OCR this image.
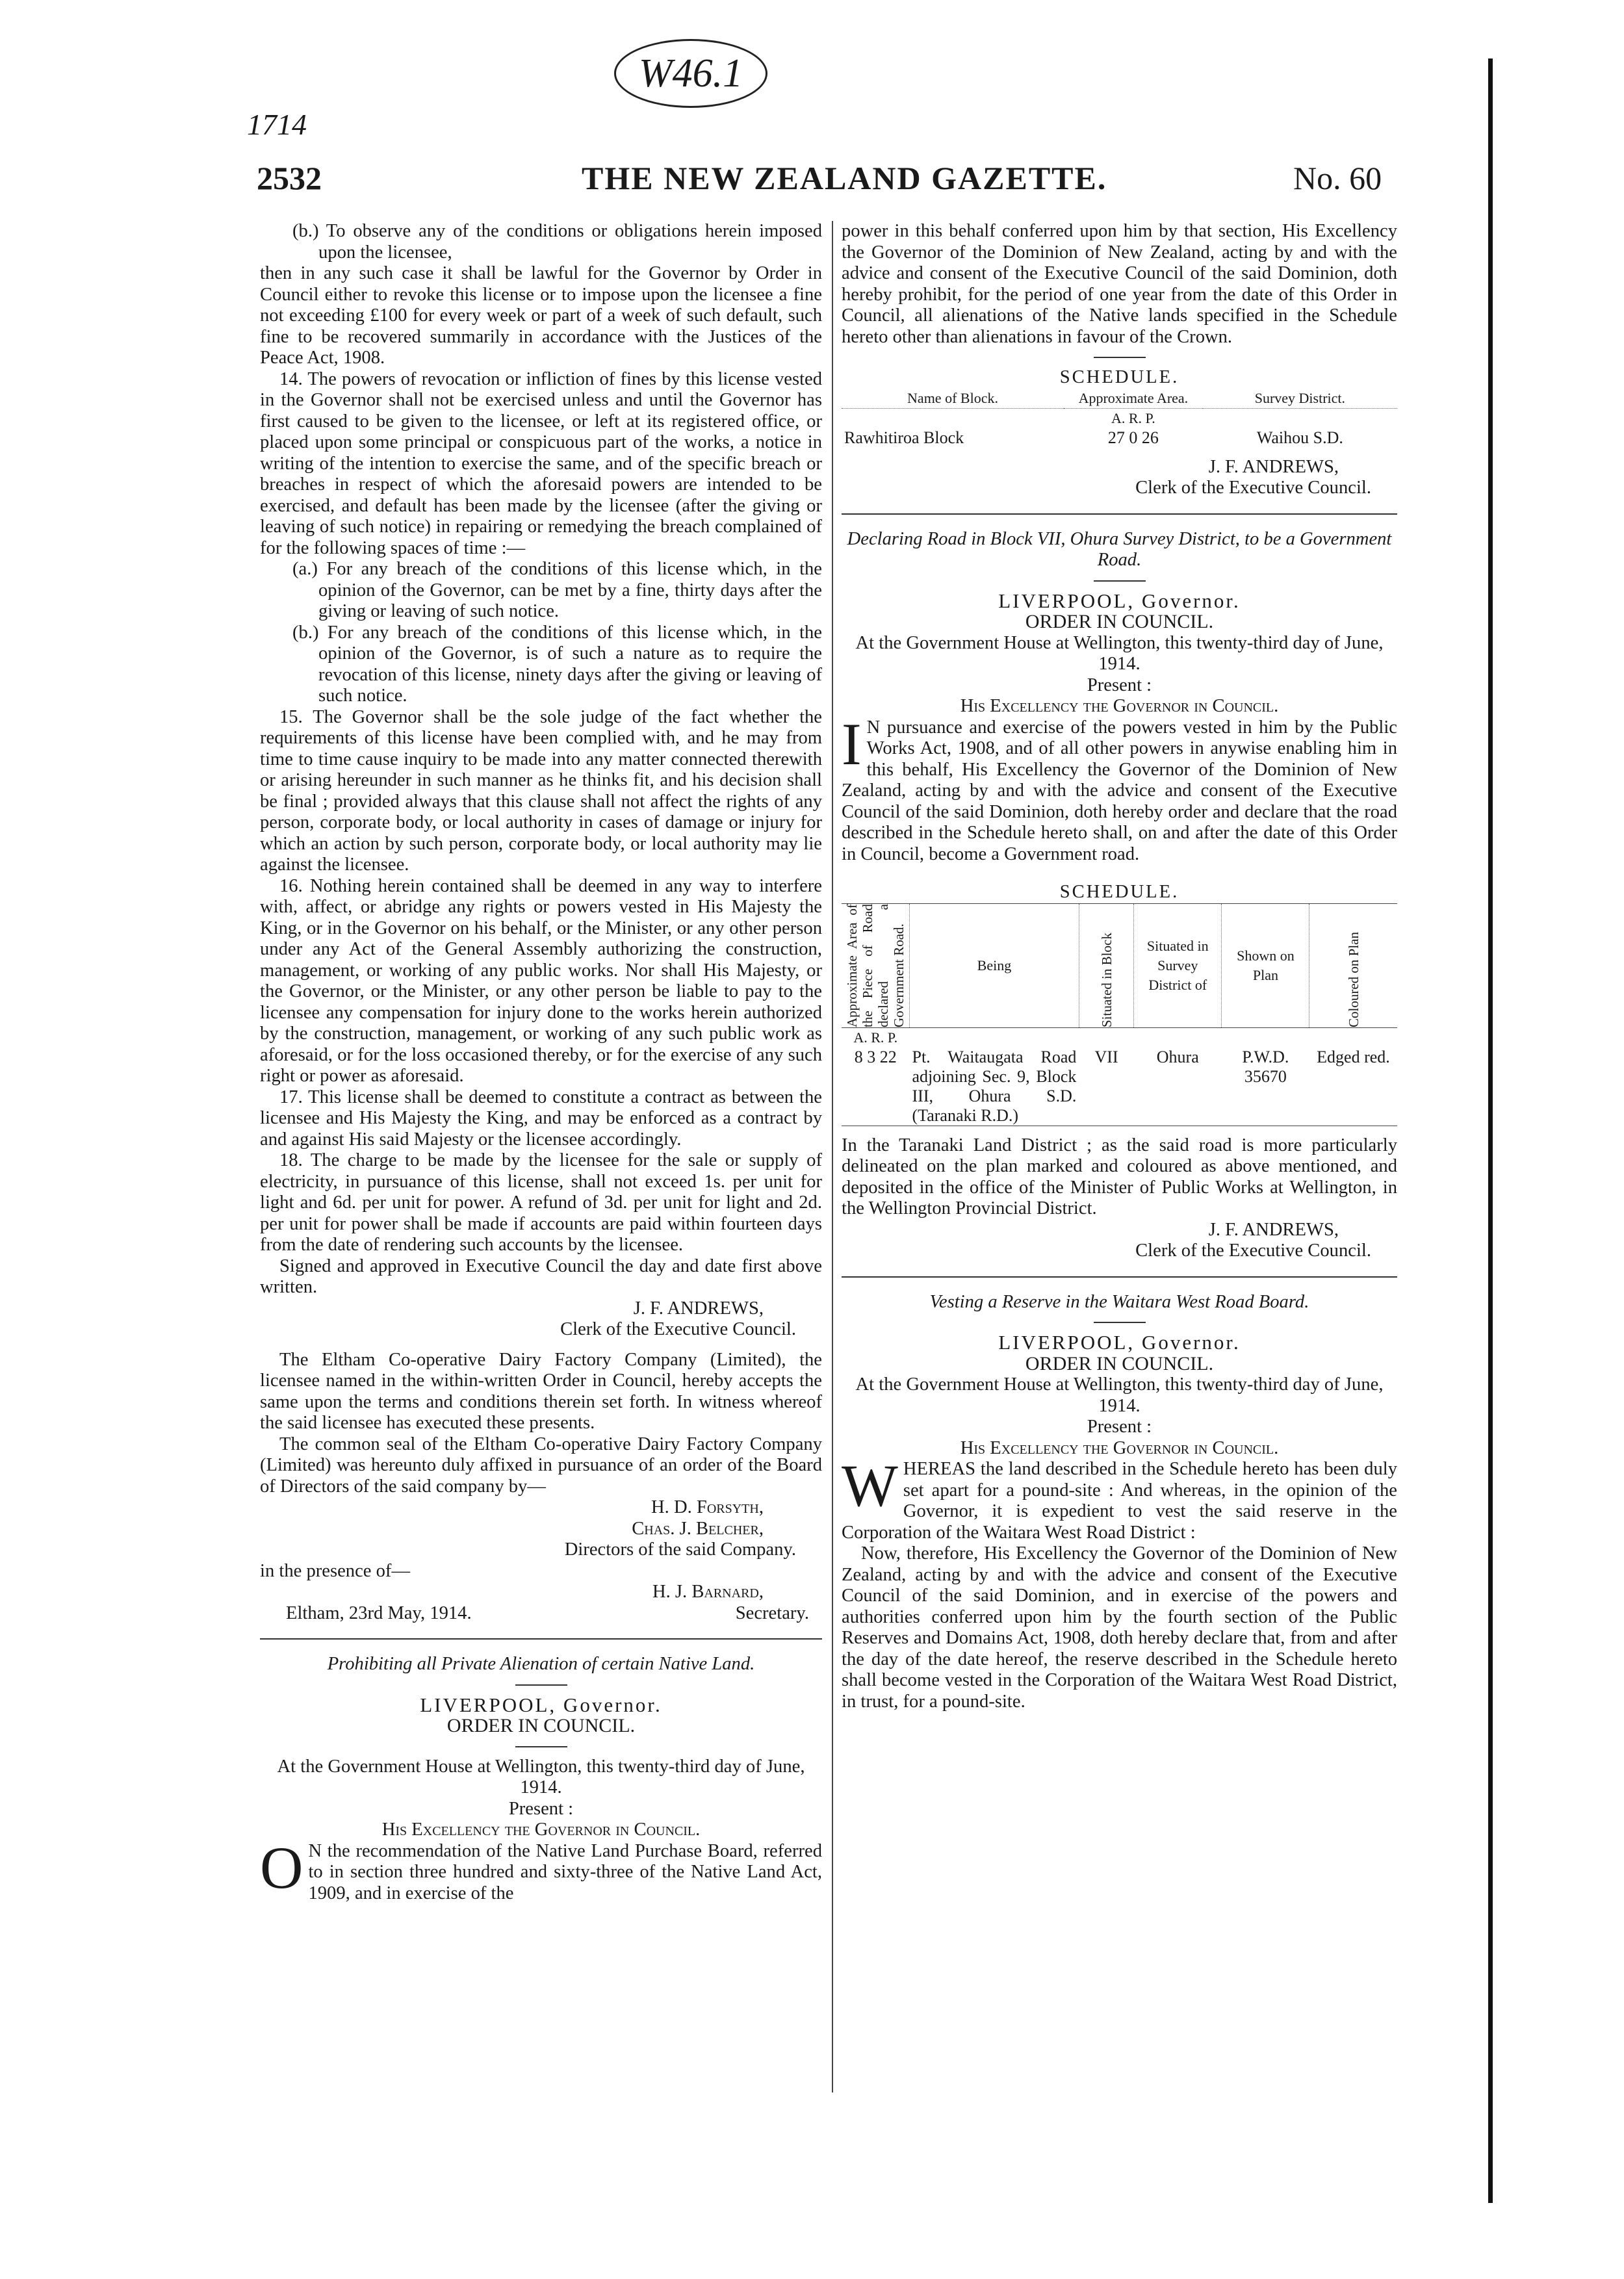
W46.1
1714
2532	THE NEW ZEALAND GAZETTE.	No. 60

(b.) To observe any of the conditions or obligations herein imposed upon the licensee,

then in any such case it shall be lawful for the Governor by Order in Council either to revoke this license or to impose upon the licensee a fine not exceeding £100 for every week or part of a week of such default, such fine to be recovered summarily in accordance with the Justices of the Peace Act, 1908.

14. The powers of revocation or infliction of fines by this license vested in the Governor shall not be exercised unless and until the Governor has first caused to be given to the licensee, or left at its registered office, or placed upon some principal or conspicuous part of the works, a notice in writing of the intention to exercise the same, and of the specific breach or breaches in respect of which the aforesaid powers are intended to be exercised, and default has been made by the licensee (after the giving or leaving of such notice) in repairing or remedying the breach complained of for the following spaces of time :—

(a.) For any breach of the conditions of this license which, in the opinion of the Governor, can be met by a fine, thirty days after the giving or leaving of such notice.

(b.) For any breach of the conditions of this license which, in the opinion of the Governor, is of such a nature as to require the revocation of this license, ninety days after the giving or leaving of such notice.

15. The Governor shall be the sole judge of the fact whether the requirements of this license have been complied with, and he may from time to time cause inquiry to be made into any matter connected therewith or arising hereunder in such manner as he thinks fit, and his decision shall be final ; provided always that this clause shall not affect the rights of any person, corporate body, or local authority in cases of damage or injury for which an action by such person, corporate body, or local authority may lie against the licensee.

16. Nothing herein contained shall be deemed in any way to interfere with, affect, or abridge any rights or powers vested in His Majesty the King, or in the Governor on his behalf, or the Minister, or any other person under any Act of the General Assembly authorizing the construction, management, or working of any public works. Nor shall His Majesty, or the Governor, or the Minister, or any other person be liable to pay to the licensee any compensation for injury done to the works herein authorized by the construction, management, or working of any such public work as aforesaid, or for the loss occasioned thereby, or for the exercise of any such right or power as aforesaid.

17. This license shall be deemed to constitute a contract as between the licensee and His Majesty the King, and may be enforced as a contract by and against His said Majesty or the licensee accordingly.

18. The charge to be made by the licensee for the sale or supply of electricity, in pursuance of this license, shall not exceed 1s. per unit for light and 6d. per unit for power. A refund of 3d. per unit for light and 2d. per unit for power shall be made if accounts are paid within fourteen days from the date of rendering such accounts by the licensee.

Signed and approved in Executive Council the day and date first above written.

J. F. ANDREWS,

Clerk of the Executive Council.

The Eltham Co-operative Dairy Factory Company (Limited), the licensee named in the within-written Order in Council, hereby accepts the same upon the terms and conditions therein set forth. In witness whereof the said licensee has executed these presents.

The common seal of the Eltham Co-operative Dairy Factory Company (Limited) was hereunto duly affixed in pursuance of an order of the Board of Directors of the said company by—

H. D. Forsyth,

Chas. J. Belcher,

Directors of the said Company.

in the presence of—

H. J. Barnard,

Eltham, 23rd May, 1914.	Secretary.

Prohibiting all Private Alienation of certain Native Land.

LIVERPOOL, Governor.

ORDER IN COUNCIL.

At the Government House at Wellington, this twenty-third day of June, 1914.

Present :

His Excellency the Governor in Council.

O N the recommendation of the Native Land Purchase Board, referred to in section three hundred and sixty-three of the Native Land Act, 1909, and in exercise of the

power in this behalf conferred upon him by that section, His Excellency the Governor of the Dominion of New Zealand, acting by and with the advice and consent of the Executive Council of the said Dominion, doth hereby prohibit, for the period of one year from the date of this Order in Council, all alienations of the Native lands specified in the Schedule hereto other than alienations in favour of the Crown.

SCHEDULE.

Name of Block.	Approximate Area.	Survey District.
	A. R. P.	
Rawhitiroa Block	27 0 26	Waihou S.D.

J. F. ANDREWS,

Clerk of the Executive Council.

Declaring Road in Block VII, Ohura Survey District, to be a Government Road.

LIVERPOOL, Governor.

ORDER IN COUNCIL.

At the Government House at Wellington, this twenty-third day of June, 1914.

Present :

His Excellency the Governor in Council.

I N pursuance and exercise of the powers vested in him by the Public Works Act, 1908, and of all other powers in anywise enabling him in this behalf, His Excellency the Governor of the Dominion of New Zealand, acting by and with the advice and consent of the Executive Council of the said Dominion, doth hereby order and declare that the road described in the Schedule hereto shall, on and after the date of this Order in Council, become a Government road.

SCHEDULE.

Approximate Area of the Piece of Road declared a Government Road.	Being	Situated in Block	Situated in Survey District of	Shown on Plan	Coloured on Plan

A. R. P.					
8 3 22	Pt. Waitaugata Road adjoining Sec. 9, Block III, Ohura S.D. (Taranaki R.D.)	VII	Ohura	P.W.D. 35670	Edged red.

In the Taranaki Land District ; as the said road is more particularly delineated on the plan marked and coloured as above mentioned, and deposited in the office of the Minister of Public Works at Wellington, in the Wellington Provincial District.

J. F. ANDREWS,

Clerk of the Executive Council.

Vesting a Reserve in the Waitara West Road Board.

LIVERPOOL, Governor.

ORDER IN COUNCIL.

At the Government House at Wellington, this twenty-third day of June, 1914.

Present :

His Excellency the Governor in Council.

WHEREAS the land described in the Schedule hereto has been duly set apart for a pound-site : And whereas, in the opinion of the Governor, it is expedient to vest the said reserve in the Corporation of the Waitara West Road District :

Now, therefore, His Excellency the Governor of the Dominion of New Zealand, acting by and with the advice and consent of the Executive Council of the said Dominion, and in exercise of the powers and authorities conferred upon him by the fourth section of the Public Reserves and Domains Act, 1908, doth hereby declare that, from and after the day of the date hereof, the reserve described in the Schedule hereto shall become vested in the Corporation of the Waitara West Road District, in trust, for a pound-site.
